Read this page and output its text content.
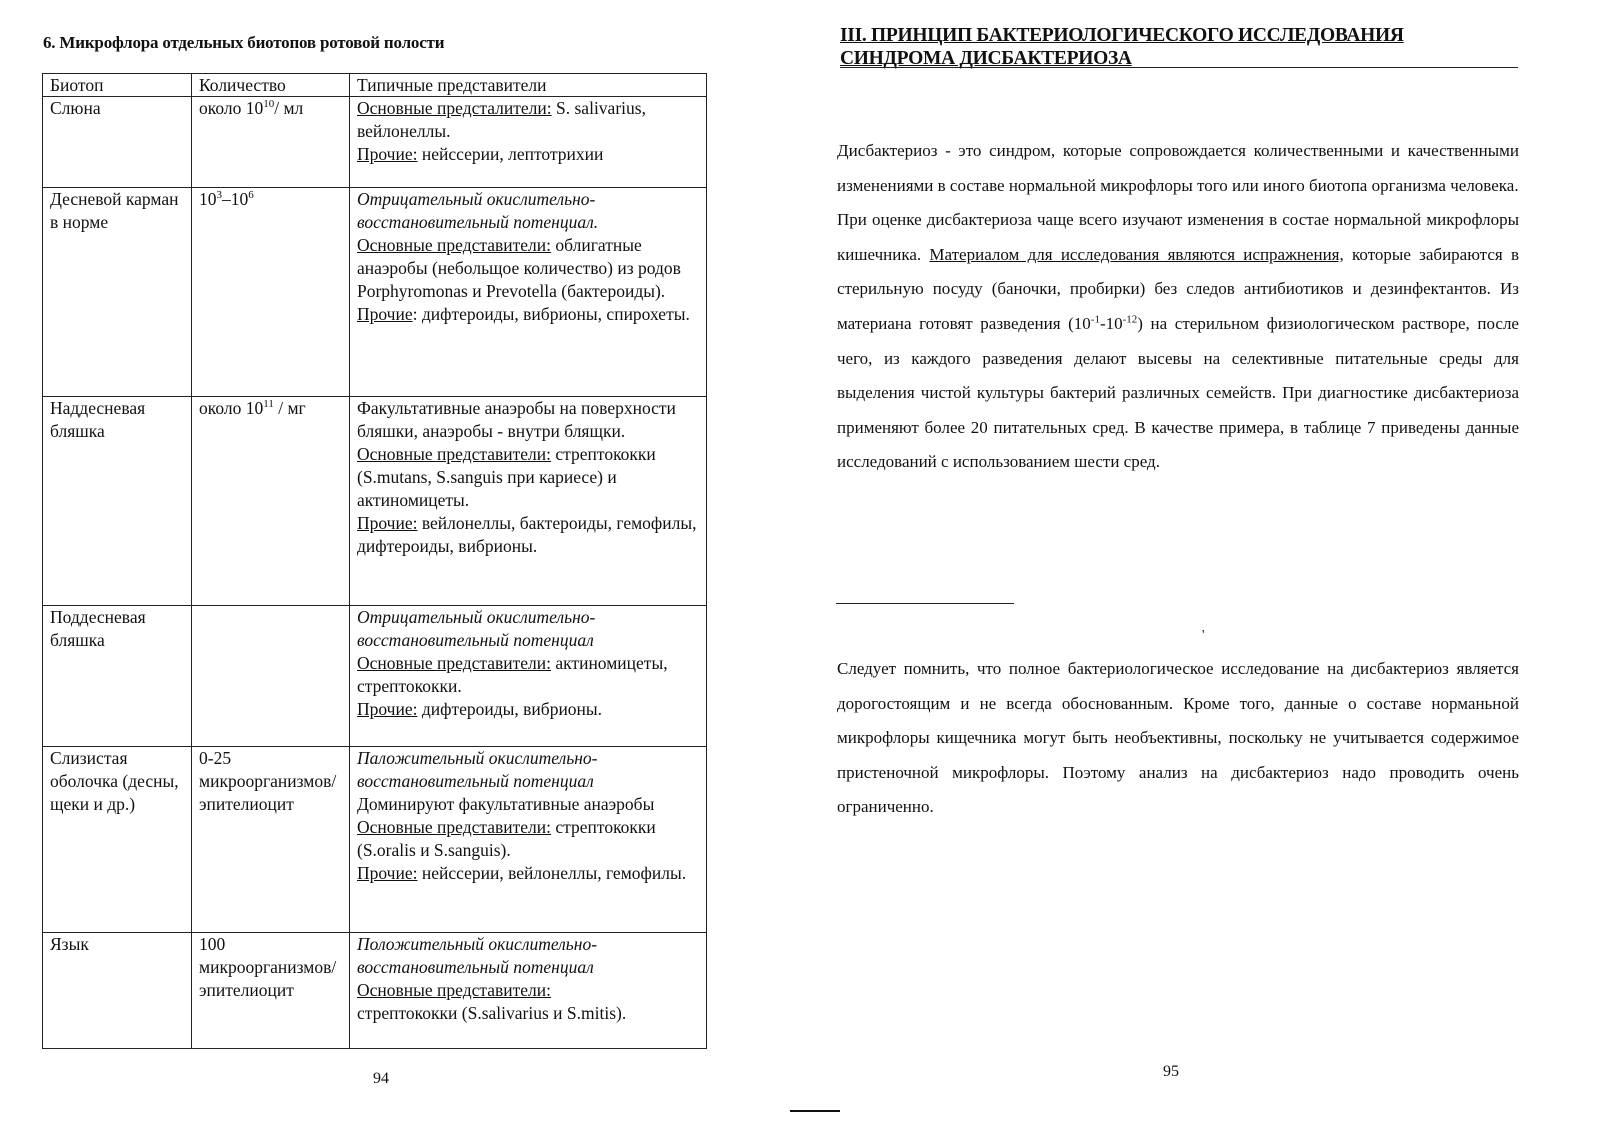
6. Микрофлора отдельных биотопов ротовой полости
Биотоп	Количество	Типичные представители
Слюна	около $10^{10}/$ мл	Основные предсталители: S. salivarius, вейлонеллы.
Прочие: нейссерии, лептотрихии
Десневой карман в норме	$10^3-10^6$	Отрицательный окислительно-восстановительный потенциал.
Основные представители: облигатные анаэробы (небольщое количество) из родов Porphyromonas и Prevotella (бактероиды).
Прочие: дифтероиды, вибрионы, спирохеты.
Наддесневая бляшка	около $10^{11}$ / мг	Факультативные анаэробы на поверхности бляшки, анаэробы - внутри блящки.
Основные представители: стрептококки (S.mutans, S.sanguis при кариесе) и актиномицеты.
Прочие: вейлонеллы, бактероиды, гемофилы, дифтероиды, вибрионы.
Поддесневая бляшка		Отрицательный окислительно-восстановительный потенциал
Основные представители: актиномицеты, стрептококки.
Прочие: дифтероиды, вибрионы.
Слизистая оболочка (десны, щеки и др.)	0-25 микроорганизмов/ эпителиоцит	Паложительный окислительно-восстановительный потенциал
Доминируют факультативные анаэробы
Основные представители: стрептококки (S.oralis и S.sanguis).
Прочие: нейссерии, вейлонеллы, гемофилы.
Язык	100 микроорганизмов/ эпителиоцит	Положительный окислительно-восстановительный потенциал
Основные представители:
стрептококки (S.salivarius и S.mitis).
94
III. ПРИНЦИП БАКТЕРИОЛОГИЧЕСКОГО ИССЛЕДОВАНИЯ
СИНДРОМА ДИСБАКТЕРИОЗА
Дисбактериоз - это синдром, которые сопровождается количественными и качественными изменениями в составе нормальной микрофлоры того или иного биотопа организма человека.
При оценке дисбактериоза чаще всего изучают изменения в состае нормальной микрофлоры кишечника. Материалом для исследования являются испражнения, которые забираются в стерильную посуду (баночки, пробирки) без следов антибиотиков и дезинфектантов. Из материана готовят разведения $(10^{-1}-10^{-12})$ на стерильном физиологическом растворе, после чего, из каждого разведения делают высевы на селективные питательные среды для выделения чистой культуры бактерий различных семейств. При диагностике дисбактериоза применяют более 20 питательных сред. В качестве примера, в таблице 7 приведены данные исследований с использованием шести сред.
'
Следует помнить, что полное бактериологическое исследование на дисбактериоз является дорогостоящим и не всегда обоснованным. Кроме того, данные о составе норманьной микрофлоры кищечника могут быть необъективны, поскольку не учитывается содержимое пристеночной микрофлоры. Поэтому анализ на дисбактериоз надо проводить очень ограниченно.
95
